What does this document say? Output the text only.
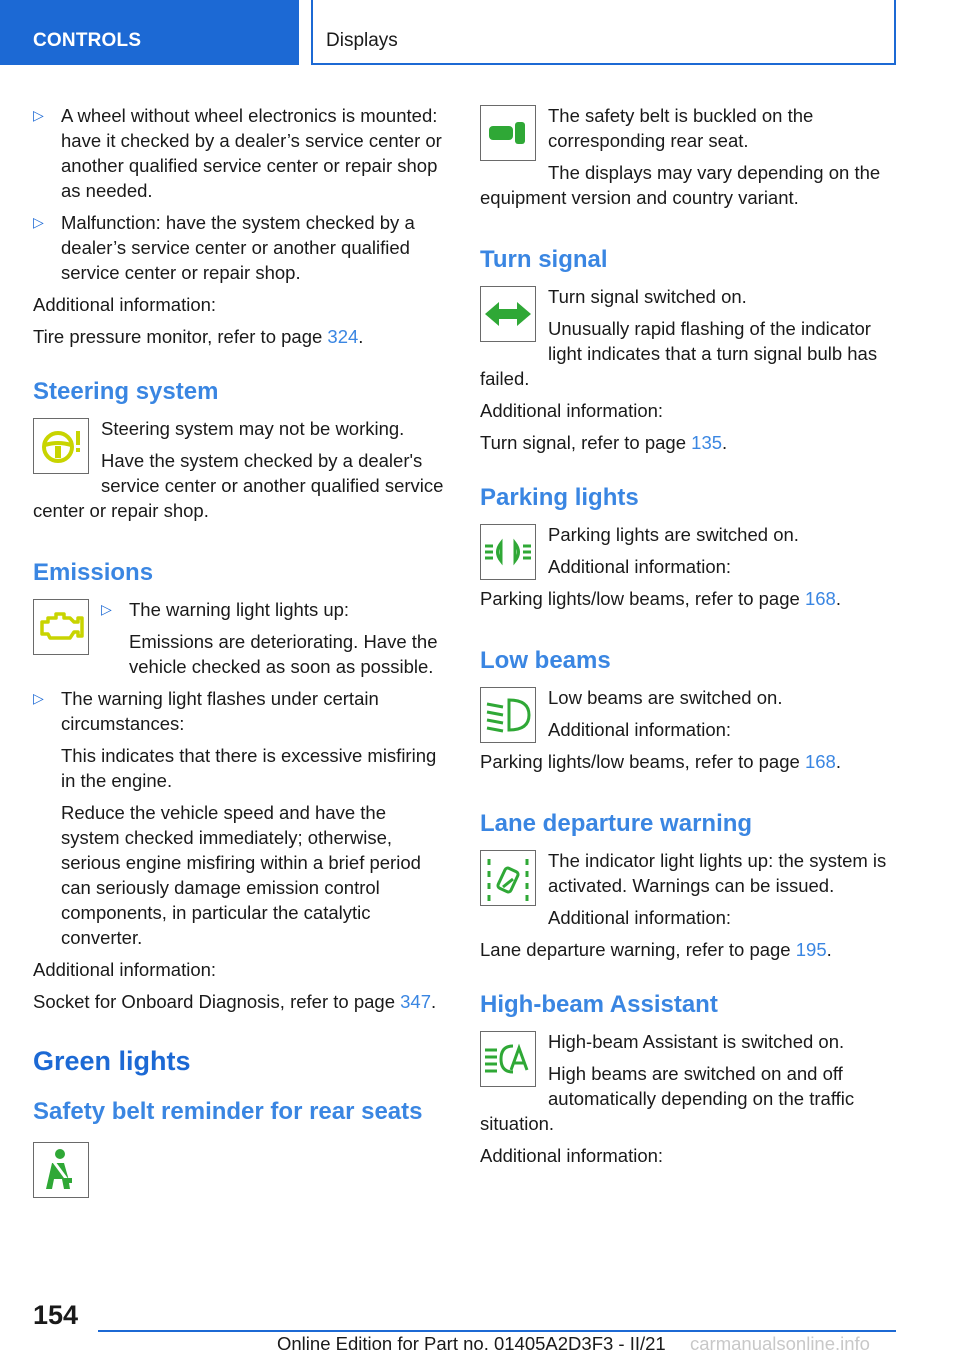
CONTROLS	Displays
▷ A wheel without wheel electronics is mounted: have it checked by a dealer’s service center or another qualified service center or repair shop as needed.

▷ Malfunction: have the system checked by a dealer’s service center or another qualified service center or repair shop.

Additional information:

Tire pressure monitor, refer to page 324.

Steering system

Steering system may not be working.

Have the system checked by a dealer's service center or another qualified service center or repair shop.

Emissions
▷ The warning light lights up:

Emissions are deteriorating. Have the vehicle checked as soon as possible.

▷ The warning light flashes under certain circumstances:

This indicates that there is excessive misfiring in the engine.

Reduce the vehicle speed and have the system checked immediately; otherwise, serious engine misfiring within a brief period can seriously damage emission control components, in particular the catalytic converter.

Additional information:

Socket for Onboard Diagnosis, refer to page 347.

Green lights
Safety belt reminder for rear seats

The safety belt is buckled on the corresponding rear seat.

The displays may vary depending on the equipment version and country variant.

Turn signal

Turn signal switched on.

Unusually rapid flashing of the indicator light indicates that a turn signal bulb has failed.

Additional information:

Turn signal, refer to page 135.

Parking lights

Parking lights are switched on.

Additional information:

Parking lights/low beams, refer to page 168.

Low beams

Low beams are switched on.

Additional information:

Parking lights/low beams, refer to page 168.

Lane departure warning

The indicator light lights up: the system is activated. Warnings can be issued.

Additional information:

Lane departure warning, refer to page 195.

High-beam Assistant

High-beam Assistant is switched on.

High beams are switched on and off automatically depending on the traffic situation.

Additional information:

154
Online Edition for Part no. 01405A2D3F3 - II/21 carmanualsonline.info
